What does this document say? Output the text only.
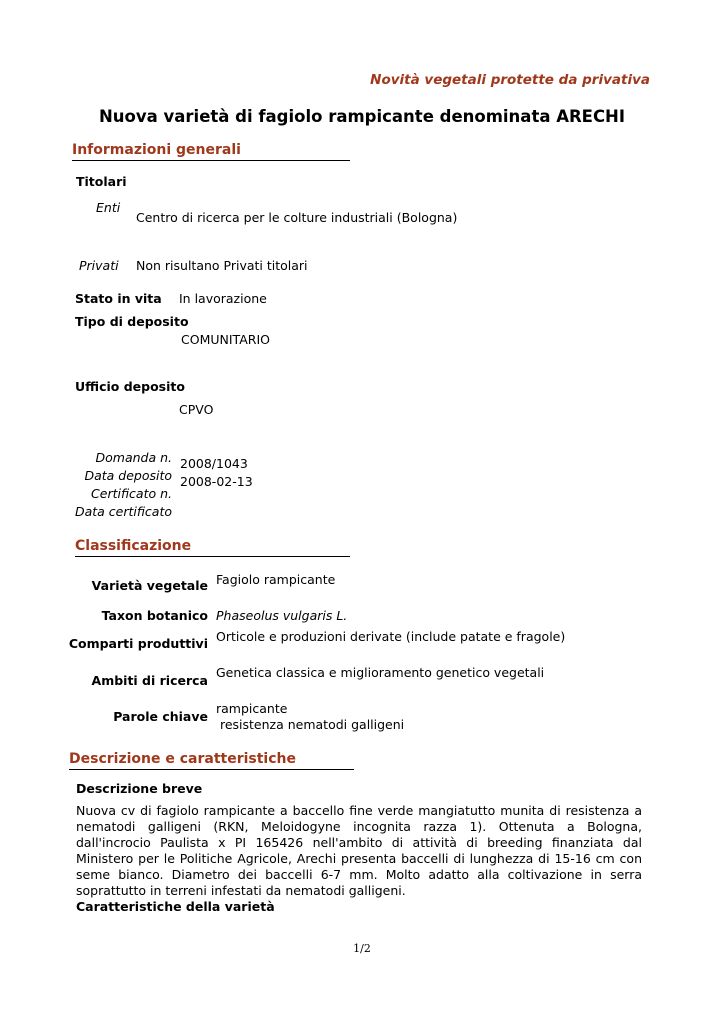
Novità vegetali protette da privativa
Nuova varietà di fagiolo rampicante denominata ARECHI
Informazioni generali
Titolari
Enti
Centro di ricerca per le colture industriali (Bologna)
Privati Non risultano Privati titolari
Stato in vita In lavorazione
Tipo di deposito
COMUNITARIO
Ufficio deposito
CPVO
Domanda n. 2008/1043
Data deposito 2008-02-13
Certificato n.
Data certificato
Classificazione
Varietà vegetale Fagiolo rampicante
Taxon botanico Phaseolus vulgaris L.
Comparti produttivi Orticole e produzioni derivate (include patate e fragole)
Ambiti di ricerca
Genetica classica e miglioramento genetico vegetali
Parole chiave
rampicante
resistenza nematodi galligeni
Descrizione e caratteristiche
Descrizione breve
Nuova cv di fagiolo rampicante a baccello fine verde mangiatutto munita di resistenza a nematodi galligeni (RKN, Meloidogyne incognita razza 1). Ottenuta a Bologna, dall'incrocio Paulista x PI 165426 nell'ambito di attività di breeding finanziata dal Ministero per le Politiche Agricole, Arechi presenta baccelli di lunghezza di 15-16 cm con seme bianco. Diametro dei baccelli 6-7 mm. Molto adatto alla coltivazione in serra soprattutto in terreni infestati da nematodi galligeni.
Caratteristiche della varietà
1/2
